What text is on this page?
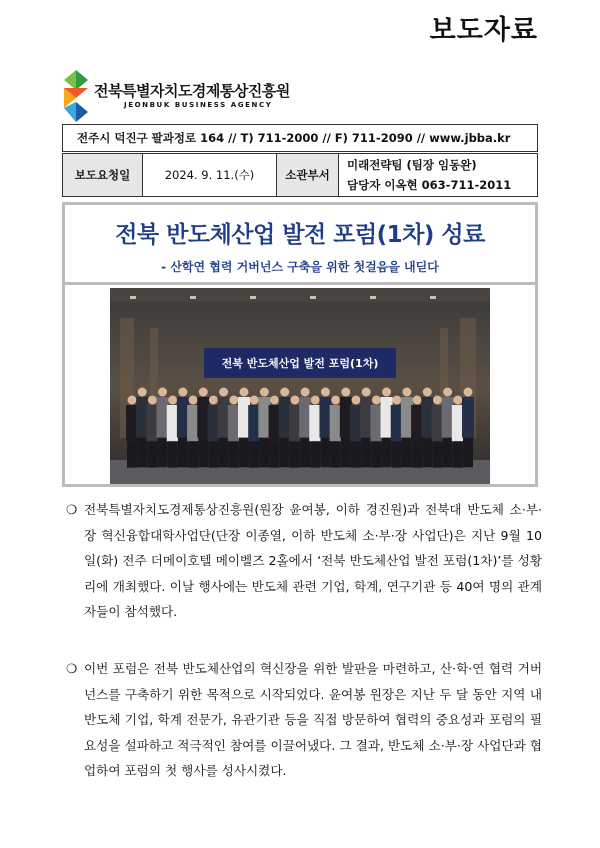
보도자료
전북특별자치도경제통상진흥원
JEONBUK BUSINESS AGENCY
전주시 덕진구 팔과정로 164 // T) 711-2000 // F) 711-2090 // www.jbba.kr
보도요청일	2024. 9. 11.(수)	소관부서
미래전략팀 (팀장 임동완)
담당자 이옥현 063-711-2011
전북 반도체산업 발전 포럼(1차) 성료
- 산학연 협력 거버넌스 구축을 위한 첫걸음을 내딛다
전북 반도체산업 발전 포럼(1차)
❍ 전북특별자치도경제통상진흥원(원장 윤여봉, 이하 경진원)과 전북대 반도체 소·부·장 혁신융합대학사업단(단장 이종열, 이하 반도체 소·부·장 사업단)은 지난 9월 10일(화) 전주 더메이호텔 메이벨즈 2홀에서 ‘전북 반도체산업 발전 포럼(1차)’를 성황리에 개최했다. 이날 행사에는 반도체 관련 기업, 학계, 연구기관 등 40여 명의 관계자들이 참석했다.
❍ 이번 포럼은 전북 반도체산업의 혁신장을 위한 발판을 마련하고, 산·학·연 협력 거버넌스를 구축하기 위한 목적으로 시작되었다. 윤여봉 원장은 지난 두 달 동안 지역 내 반도체 기업, 학계 전문가, 유관기관 등을 직접 방문하여 협력의 중요성과 포럼의 필요성을 설파하고 적극적인 참여를 이끌어냈다. 그 결과, 반도체 소·부·장 사업단과 협업하여 포럼의 첫 행사를 성사시켰다.
